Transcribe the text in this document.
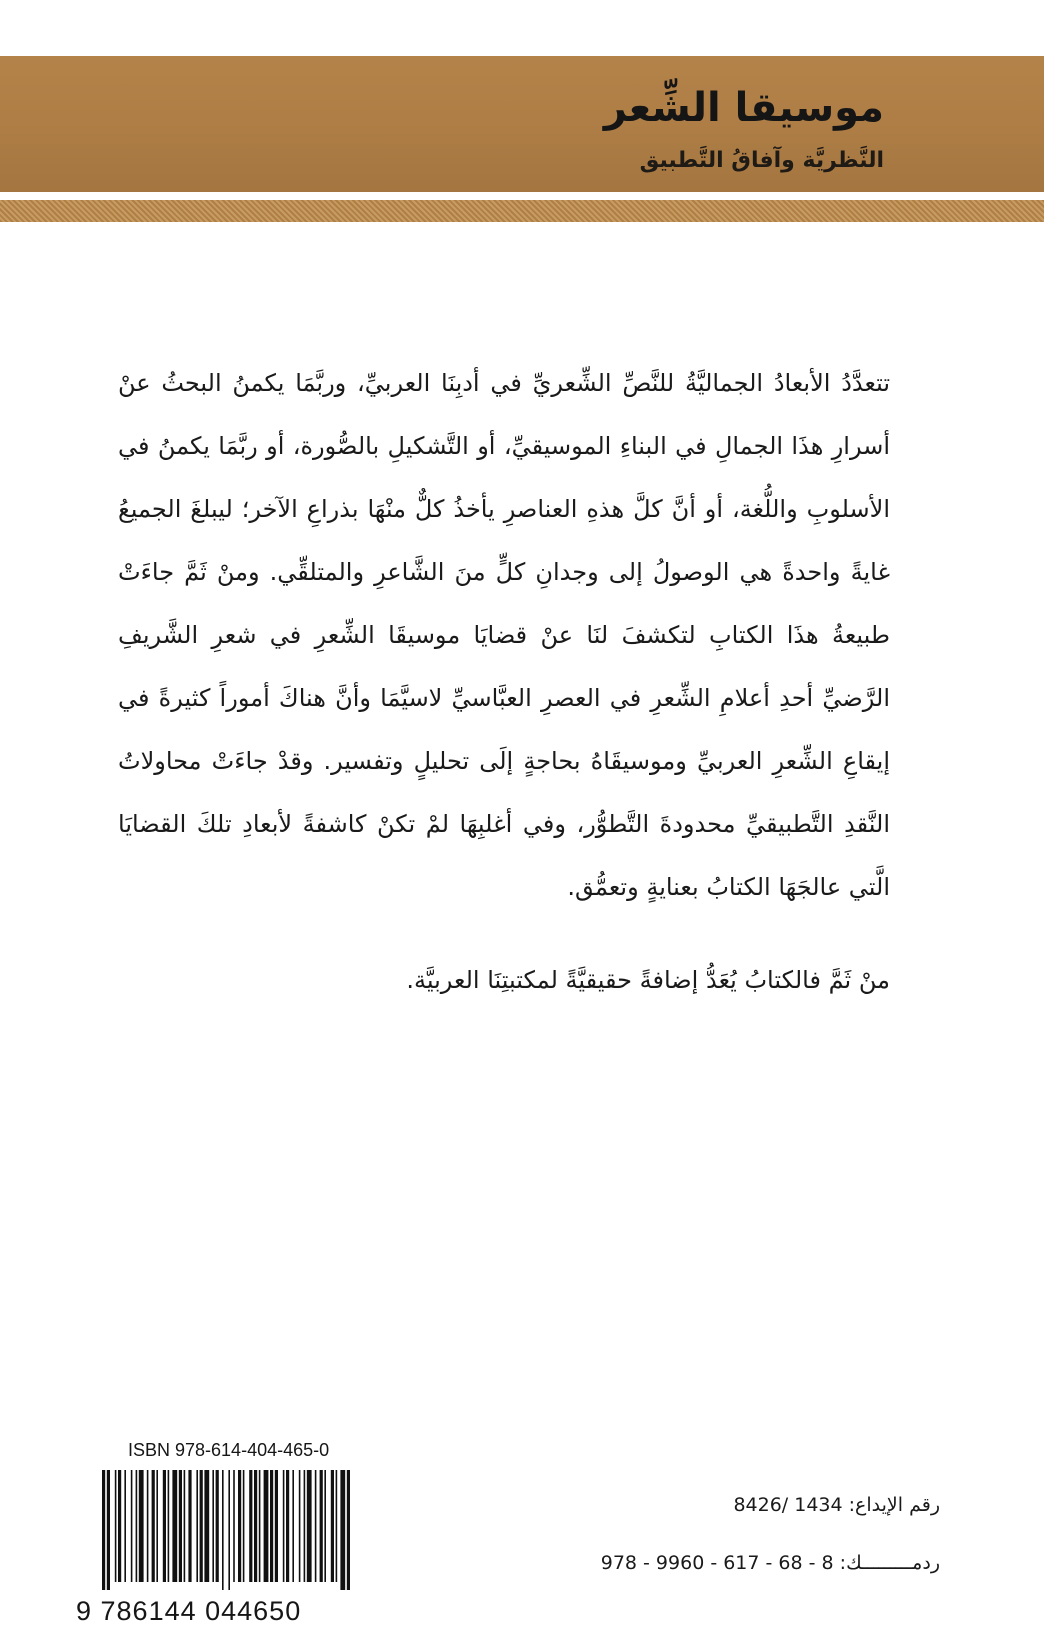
موسيقا الشِّعر
النَّظريَّة وآفاقُ التَّطبيق

تتعدَّدُ الأبعادُ الجماليَّةُ للنَّصِّ الشِّعريِّ في أدبِنَا العربيِّ، وربَّمَا يكمنُ البحثُ عنْ أسرارِ هذَا الجمالِ في البناءِ الموسيقيِّ، أو التَّشكيلِ بالصُّورة، أو ربَّمَا يكمنُ في الأسلوبِ واللُّغة، أو أنَّ كلَّ هذهِ العناصرِ يأخذُ كلٌّ منْهَا بذراعِ الآخر؛ ليبلغَ الجميعُ غايةً واحدةً هي الوصولُ إلى وجدانِ كلٍّ منَ الشَّاعرِ والمتلقِّي. ومنْ ثَمَّ جاءَتْ طبيعةُ هذَا الكتابِ لتكشفَ لنَا عنْ قضايَا موسيقَا الشِّعرِ في شعرِ الشَّريفِ الرَّضيِّ أحدِ أعلامِ الشِّعرِ في العصرِ العبَّاسيِّ لاسيَّمَا وأنَّ هناكَ أموراً كثيرةً في إيقاعِ الشِّعرِ العربيِّ وموسيقَاهُ بحاجةٍ إلَى تحليلٍ وتفسير. وقدْ جاءَتْ محاولاتُ النَّقدِ التَّطبيقيِّ محدودةَ التَّطوُّر، وفي أغلبِهَا لمْ تكنْ كاشفةً لأبعادِ تلكَ القضايَا الَّتي عالجَهَا الكتابُ بعنايةٍ وتعمُّق.

منْ ثَمَّ فالكتابُ يُعَدُّ إضافةً حقيقيَّةً لمكتبتِنَا العربيَّة.

ISBN 978-614-404-465-0
9 786144 044650
رقم الإيداع: 8426/ 1434
ردمـــــــــك: 978 - 9960 - 617 - 68 - 8
